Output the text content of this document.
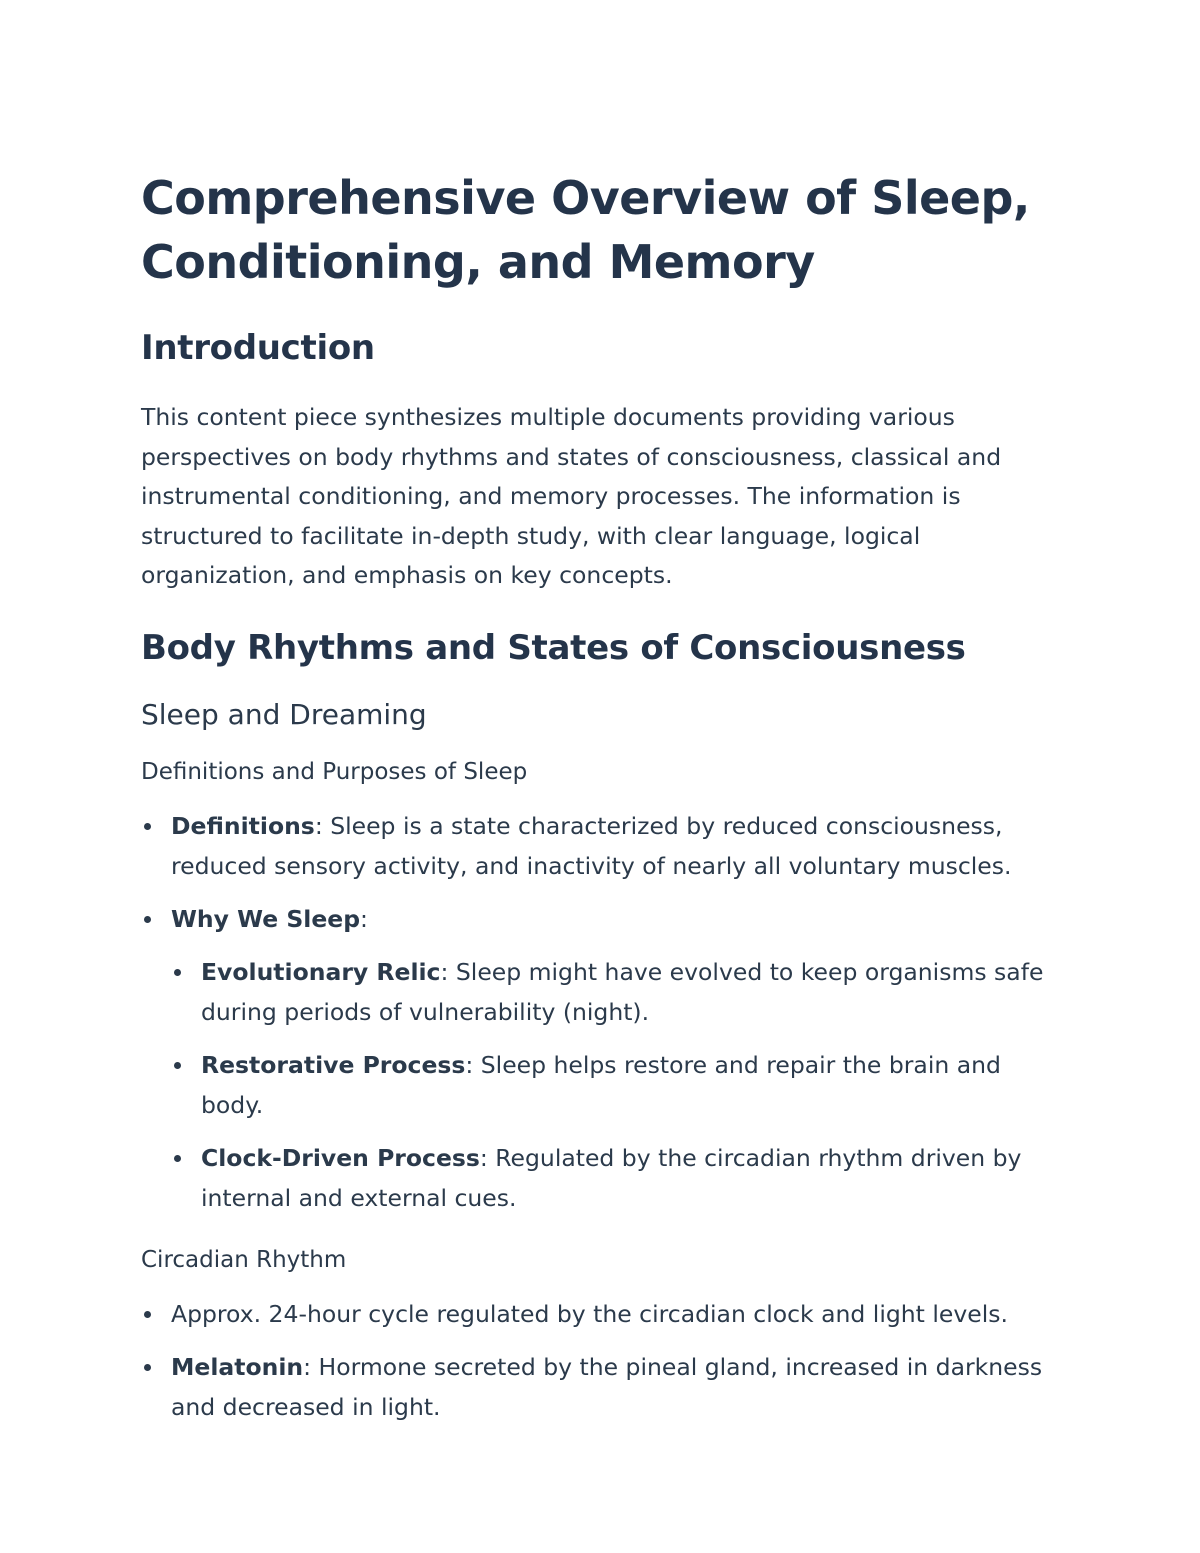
Comprehensive Overview of Sleep, Conditioning, and Memory
Introduction

This content piece synthesizes multiple documents providing various perspectives on body rhythms and states of consciousness, classical and instrumental conditioning, and memory processes. The information is structured to facilitate in-depth study, with clear language, logical organization, and emphasis on key concepts.

Body Rhythms and States of Consciousness
Sleep and Dreaming
Definitions and Purposes of Sleep
Definitions: Sleep is a state characterized by reduced consciousness, reduced sensory activity, and inactivity of nearly all voluntary muscles.
Why We Sleep:
Evolutionary Relic: Sleep might have evolved to keep organisms safe during periods of vulnerability (night).
Restorative Process: Sleep helps restore and repair the brain and body.
Clock-Driven Process: Regulated by the circadian rhythm driven by internal and external cues.
Circadian Rhythm
Approx. 24-hour cycle regulated by the circadian clock and light levels.
Melatonin: Hormone secreted by the pineal gland, increased in darkness and decreased in light.
